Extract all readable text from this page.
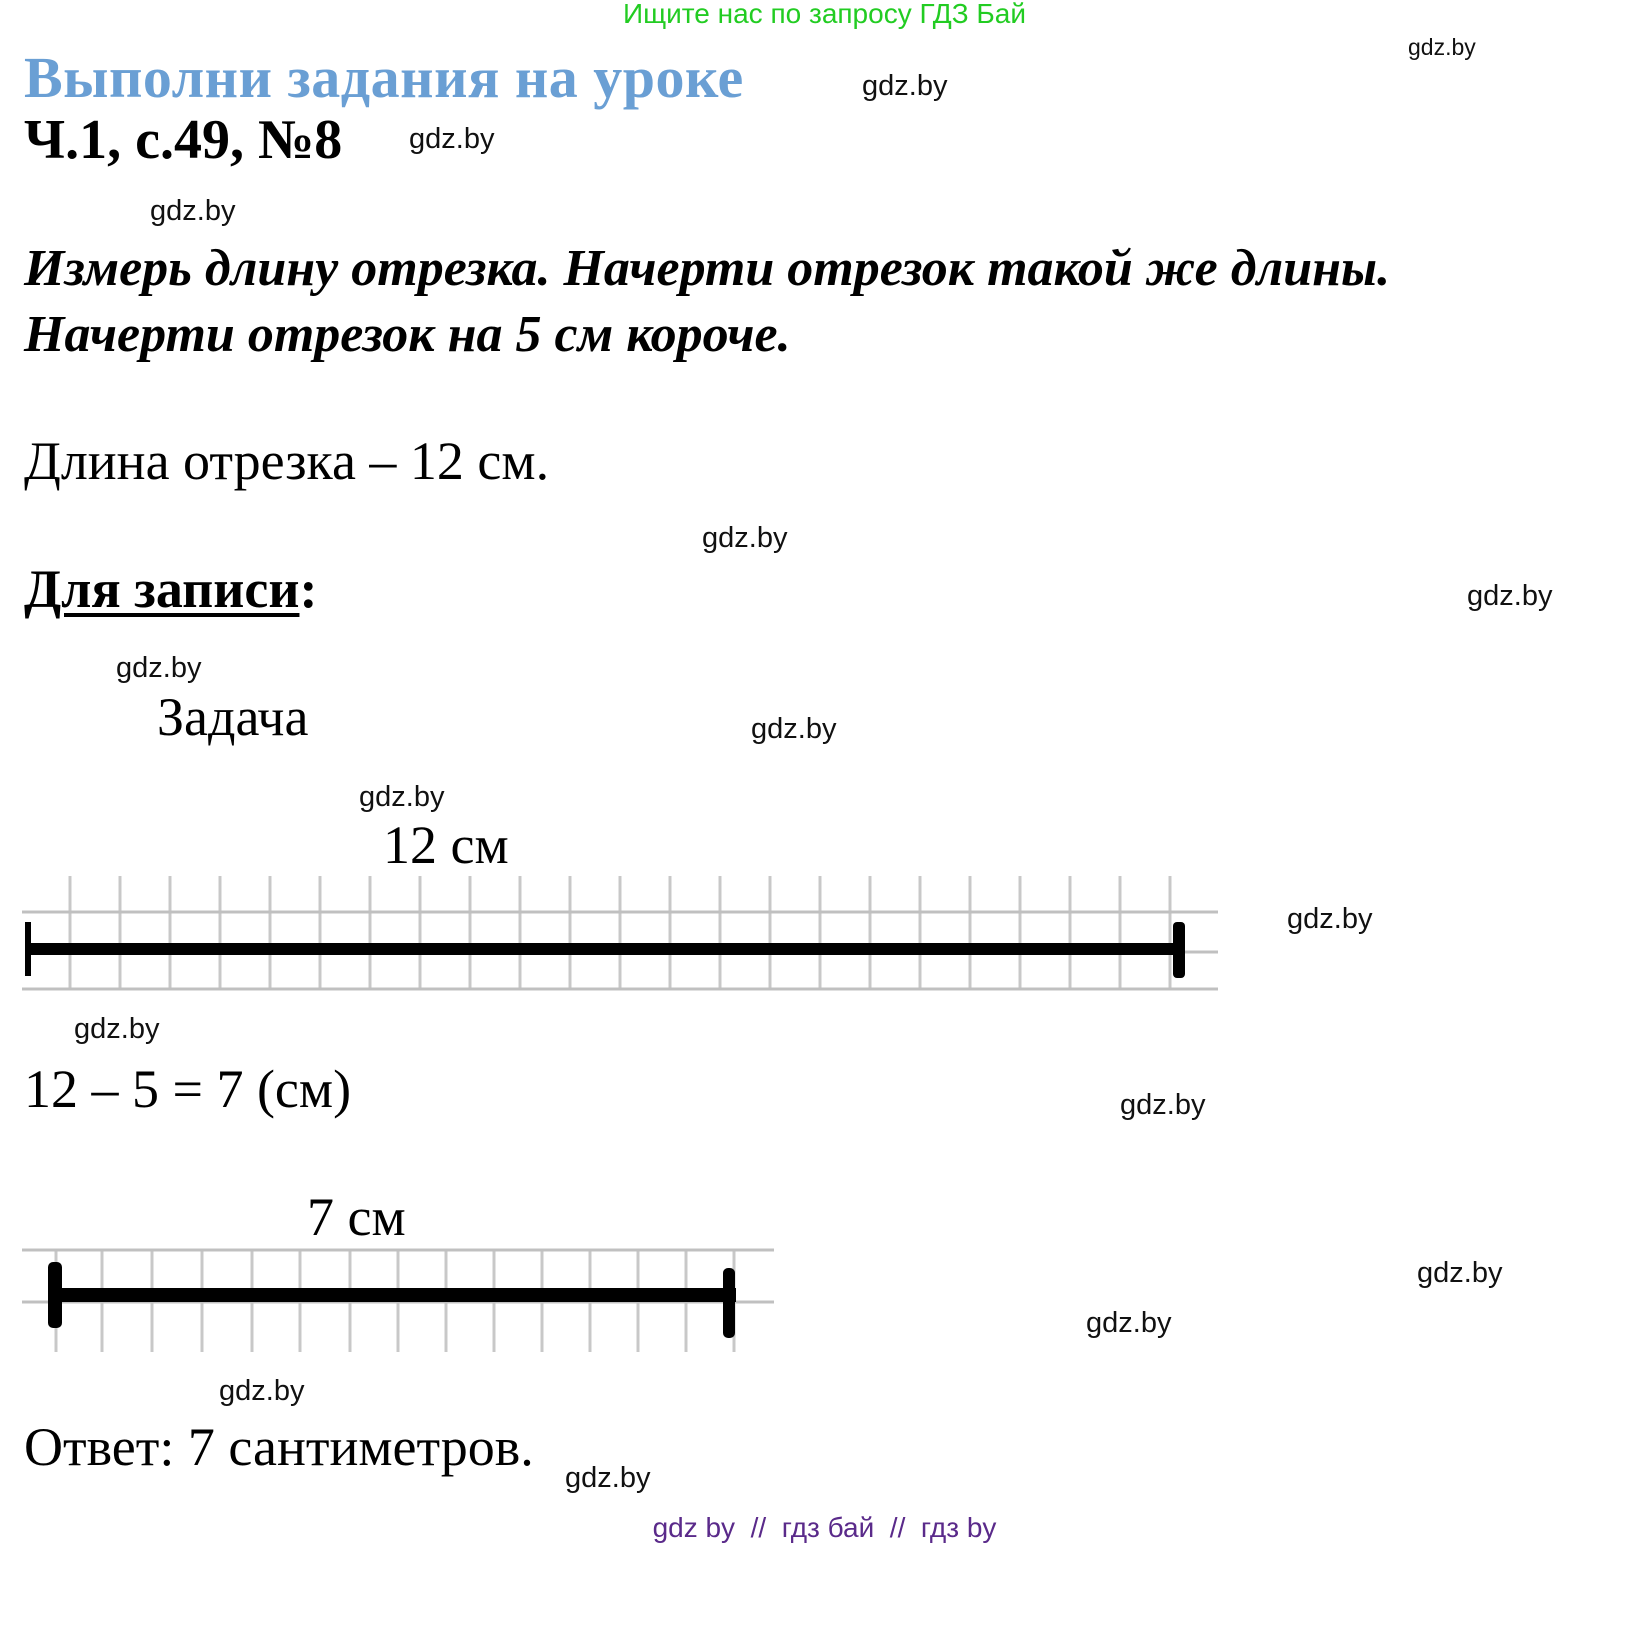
Ищите нас по запросу ГДЗ Бай
Выполни задания на уроке
Ч.1, с.49, №8
Измерь длину отрезка. Начерти отрезок такой же длины.
Начерти отрезок на 5 см короче.
Длина отрезка – 12 см.
Для записи:
Задача
12 см
12 – 5 = 7 (см)
7 см
Ответ: 7 сантиметров.
gdz.by
gdz.by
gdz.by
gdz.by
gdz.by
gdz.by
gdz.by
gdz.by
gdz.by
gdz.by
gdz.by
gdz.by
gdz.by
gdz.by
gdz.by
gdz.by
gdz by  //  гдз бай  //  гдз by
